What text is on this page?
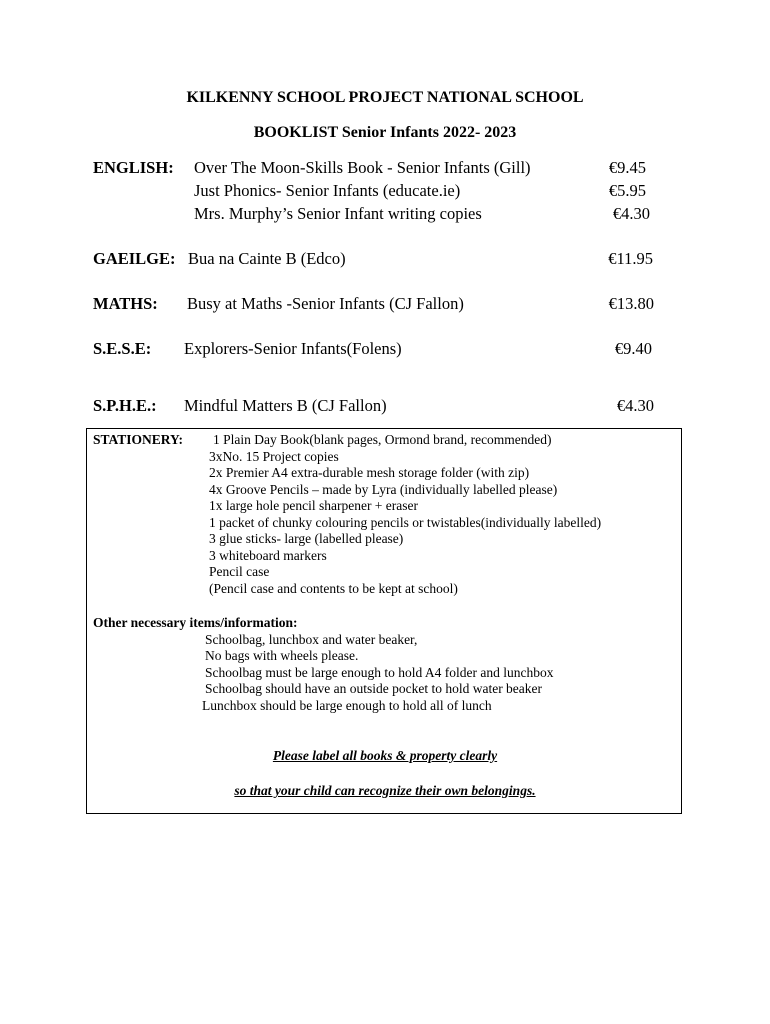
KILKENNY SCHOOL PROJECT NATIONAL SCHOOL
BOOKLIST Senior Infants 2022- 2023
ENGLISH: Over The Moon-Skills Book - Senior Infants (Gill)	€9.45
Just Phonics- Senior Infants (educate.ie)	€5.95
Mrs. Murphy’s Senior Infant writing copies	€4.30
GAEILGE: Bua na Cainte B (Edco)	€11.95
MATHS: Busy at Maths -Senior Infants (CJ Fallon)	€13.80
S.E.S.E: Explorers-Senior Infants(Folens)	€9.40
S.P.H.E.: Mindful Matters B (CJ Fallon)	€4.30
STATIONERY: 1 Plain Day Book(blank pages, Ormond brand, recommended)
3xNo. 15 Project copies
2x Premier A4 extra-durable mesh storage folder (with zip)
4x Groove Pencils – made by Lyra (individually labelled please)
1x large hole pencil sharpener + eraser
1 packet of chunky colouring pencils or twistables(individually labelled)
3 glue sticks- large (labelled please)
3 whiteboard markers
Pencil case
(Pencil case and contents to be kept at school)
Other necessary items/information:
Schoolbag, lunchbox and water beaker,
No bags with wheels please.
Schoolbag must be large enough to hold A4 folder and lunchbox
Schoolbag should have an outside pocket to hold water beaker
Lunchbox should be large enough to hold all of lunch
Please label all books & property clearly
so that your child can recognize their own belongings.
